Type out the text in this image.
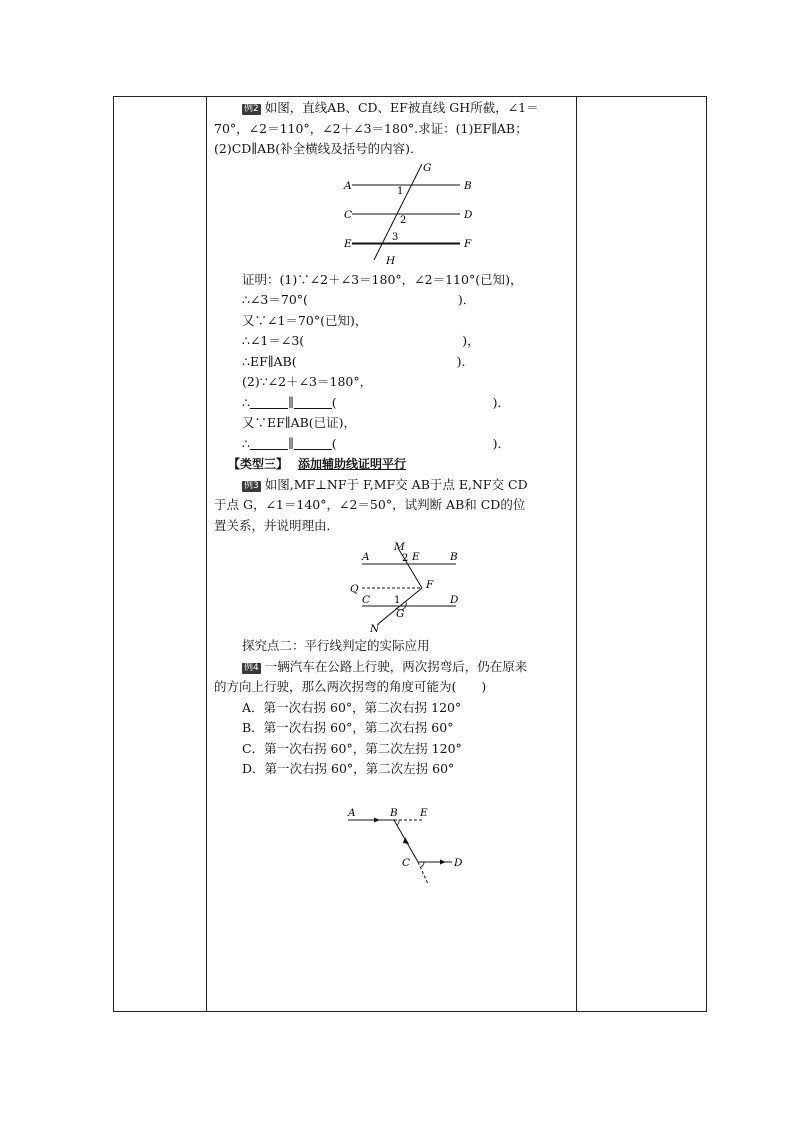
例2 如图，直线AB、CD、EF被直线 GH所截，∠1＝
70°，∠2＝110°，∠2＋∠3＝180°.求证：(1)EF∥AB；
(2)CD∥AB(补全横线及括号的内容)．
A	B
C	D
E	F
G
H
1
2
3
证明：(1)∵∠2＋∠3＝180°，∠2＝110°(已知)，
∴∠3＝70°(	)．
又∵∠1＝70°(已知)，
∴∠1＝∠3(	)，
∴EF∥AB(	)．
(2)∵∠2＋∠3＝180°，
∴	∥	(	)．
又∵EF∥AB(已证)，
∴	∥	(	)．
【类型三】 添加辅助线证明平行
例3 如图,MF⊥NF于 F,MF交 AB于点 E,NF交 CD
于点 G，∠1＝140°，∠2＝50°，试判断 AB和 CD的位
置关系，并说明理由．
M
A	E	B
2
Q	F
C 1	D
G
N
探究点二：平行线判定的实际应用
例4 一辆汽车在公路上行驶，两次拐弯后，仍在原来
的方向上行驶，那么两次拐弯的角度可能为(　　)
A．第一次右拐 60°，第二次右拐 120°
B．第一次右拐 60°，第二次右拐 60°
C．第一次右拐 60°，第二次左拐 120°
D．第一次右拐 60°，第二次左拐 60°
A	B E
C	D
